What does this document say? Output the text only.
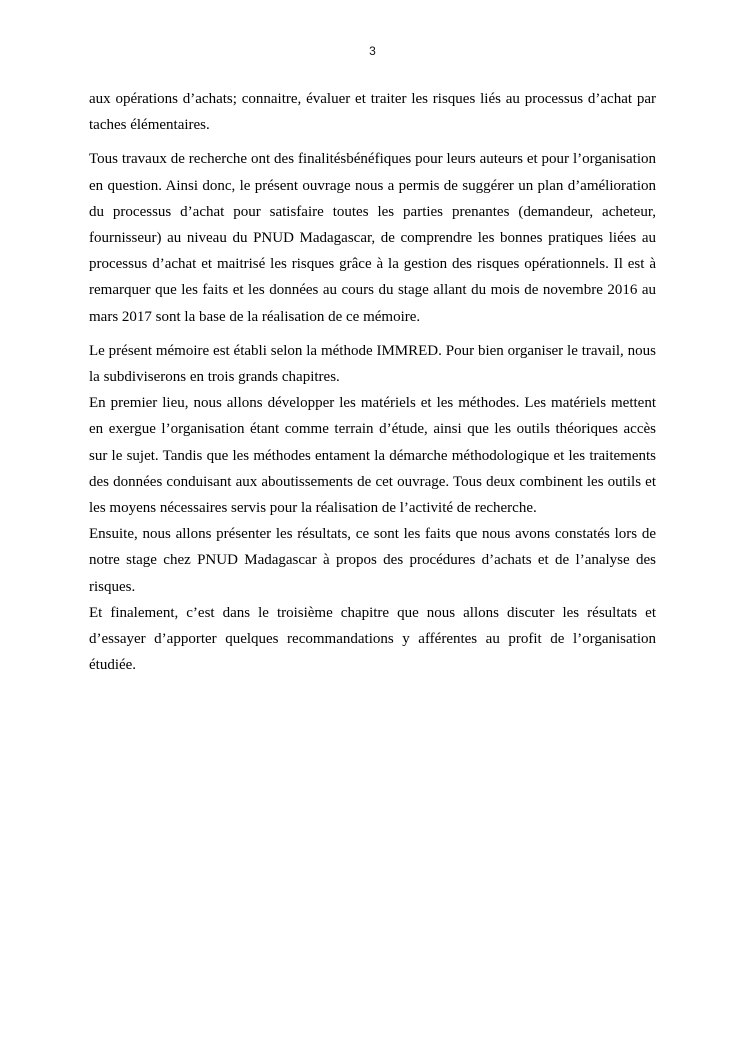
3

aux opérations d’achats; connaitre, évaluer et traiter les risques liés au processus d’achat par taches élémentaires.

Tous travaux de recherche ont des finalitésbénéfiques pour leurs auteurs et pour l’organisation en question. Ainsi donc, le présent ouvrage nous a permis de suggérer un plan d’amélioration du processus d’achat pour satisfaire toutes les parties prenantes (demandeur, acheteur, fournisseur) au niveau du PNUD Madagascar, de comprendre les bonnes pratiques liées au processus d’achat et maitrisé les risques grâce à la gestion des risques opérationnels. Il est à remarquer que les faits et les données au cours du stage allant du mois de novembre 2016 au mars 2017 sont la base de la réalisation de ce mémoire.

Le présent mémoire est établi selon la méthode IMMRED. Pour bien organiser le travail, nous la subdiviserons en trois grands chapitres.

En premier lieu, nous allons développer les matériels et les méthodes. Les matériels mettent en exergue l’organisation étant comme terrain d’étude, ainsi que les outils théoriques accès sur le sujet. Tandis que les méthodes entament la démarche méthodologique et les traitements des données conduisant aux aboutissements de cet ouvrage. Tous deux combinent les outils et les moyens nécessaires servis pour la réalisation de l’activité de recherche.

Ensuite, nous allons présenter les résultats, ce sont les faits que nous avons constatés lors de notre stage chez PNUD Madagascar à propos des procédures d’achats et de l’analyse des risques.

Et finalement, c’est dans le troisième chapitre que nous allons discuter les résultats et d’essayer d’apporter quelques recommandations y afférentes au profit de l’organisation étudiée.
